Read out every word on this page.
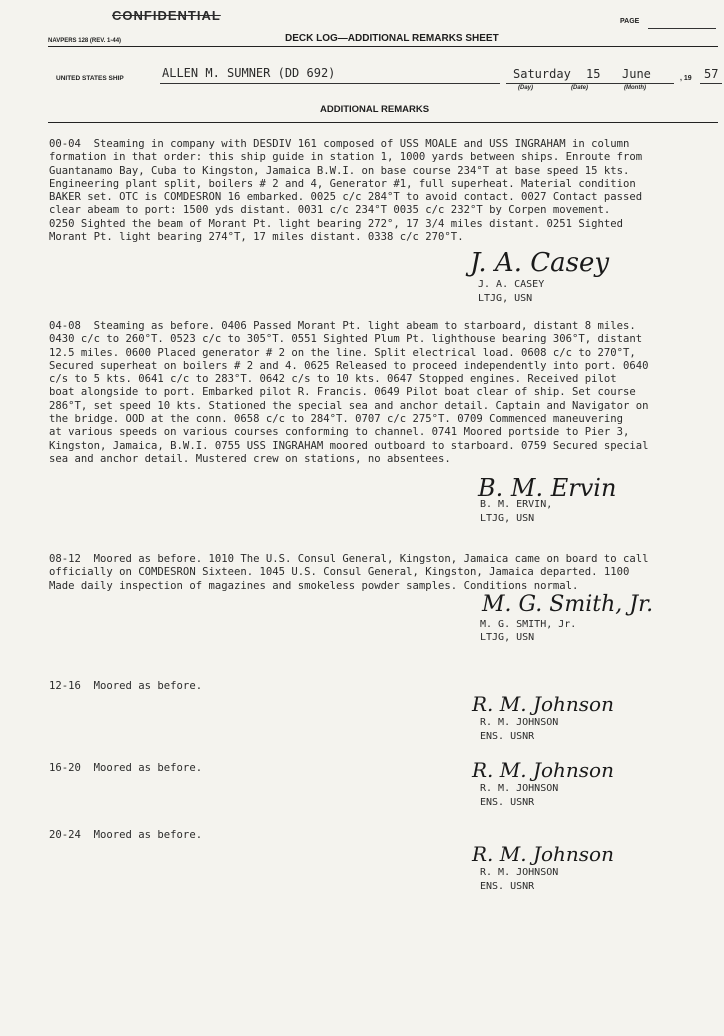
CONFIDENTIAL	PAGE
NAVPERS 128 (REV. 1-44)	DECK LOG—ADDITIONAL REMARKS SHEET
UNITED STATES SHIP	ALLEN M. SUMNER (DD 692)	Saturday 15 June
(Day)	(Date)	(Month)
, 19 57
ADDITIONAL REMARKS
00-04  Steaming in company with DESDIV 161 composed of USS MOALE and USS INGRAHAM in column
formation in that order: this ship guide in station 1, 1000 yards between ships. Enroute from
Guantanamo Bay, Cuba to Kingston, Jamaica B.W.I. on base course 234°T at base speed 15 kts.
Engineering plant split, boilers # 2 and 4, Generator #1, full superheat. Material condition
BAKER set. OTC is COMDESRON 16 embarked. 0025 c/c 284°T to avoid contact. 0027 Contact passed
clear abeam to port: 1500 yds distant. 0031 c/c 234°T 0035 c/c 232°T by Corpen movement.
0250 Sighted the beam of Morant Pt. light bearing 272°, 17 3/4 miles distant. 0251 Sighted
Morant Pt. light bearing 274°T, 17 miles distant. 0338 c/c 270°T.
J. A. Casey
J. A. CASEY
LTJG, USN
04-08  Steaming as before. 0406 Passed Morant Pt. light abeam to starboard, distant 8 miles.
0430 c/c to 260°T. 0523 c/c to 305°T. 0551 Sighted Plum Pt. lighthouse bearing 306°T, distant
12.5 miles. 0600 Placed generator # 2 on the line. Split electrical load. 0608 c/c to 270°T,
Secured superheat on boilers # 2 and 4. 0625 Released to proceed independently into port. 0640
c/s to 5 kts. 0641 c/c to 283°T. 0642 c/s to 10 kts. 0647 Stopped engines. Received pilot
boat alongside to port. Embarked pilot R. Francis. 0649 Pilot boat clear of ship. Set course
286°T, set speed 10 kts. Stationed the special sea and anchor detail. Captain and Navigator on
the bridge. OOD at the conn. 0658 c/c to 284°T. 0707 c/c 275°T. 0709 Commenced maneuvering
at various speeds on various courses conforming to channel. 0741 Moored portside to Pier 3,
Kingston, Jamaica, B.W.I. 0755 USS INGRAHAM moored outboard to starboard. 0759 Secured special
sea and anchor detail. Mustered crew on stations, no absentees.
B. M. Ervin
B. M. ERVIN,
LTJG, USN
08-12  Moored as before. 1010 The U.S. Consul General, Kingston, Jamaica came on board to call
officially on COMDESRON Sixteen. 1045 U.S. Consul General, Kingston, Jamaica departed. 1100
Made daily inspection of magazines and smokeless powder samples. Conditions normal.
M. G. Smith, Jr.
M. G. SMITH, Jr.
LTJG, USN
12-16  Moored as before.
R. M. Johnson
R. M. JOHNSON
ENS. USNR
16-20  Moored as before.	R. M. Johnson
R. M. JOHNSON
ENS. USNR
20-24  Moored as before.
R. M. Johnson
R. M. JOHNSON
ENS. USNR
